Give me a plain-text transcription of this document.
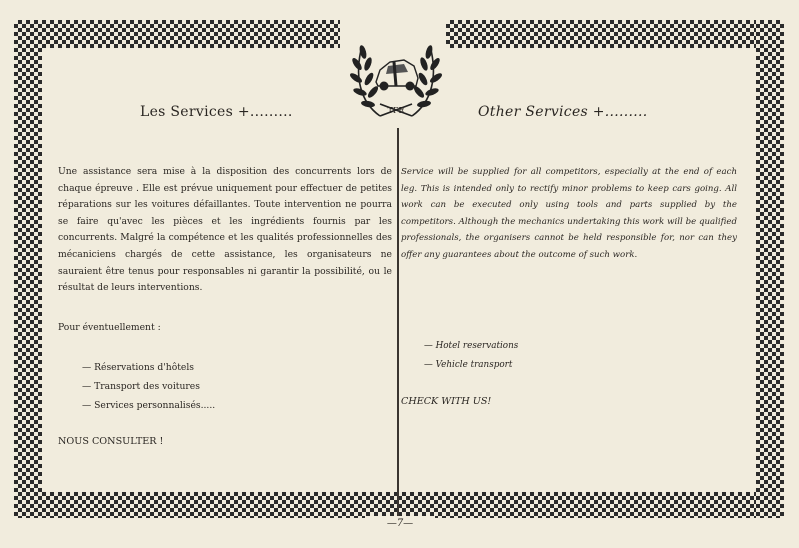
TFR
Les Services +.........	Other Services +.........
Une assistance sera mise à la disposition des concurrents lors de chaque épreuve . Elle est prévue uniquement pour effectuer de petites réparations sur les voitures défaillantes. Toute intervention ne pourra se faire qu'avec les pièces et les ingrédients fournis par les concurrents. Malgré la compétence et les qualités professionnelles des mécaniciens chargés de cette assistance, les organisateurs ne sauraient être tenus pour responsables ni garantir la possibilité, ou le résultat de leurs interventions.
Service will be supplied for all competitors, especially at the end of each leg. This is intended only to rectify minor problems to keep cars going. All work can be executed only using tools and parts supplied by the competitors. Although the mechanics undertaking this work will be qualified professionals, the organisers cannot be held responsible for, nor can they offer any guarantees about the outcome of such work.
Pour éventuellement :
— Réservations d'hôtels
— Transport des voitures
— Services personnalisés.....
— Hotel reservations
— Vehicle transport
NOUS CONSULTER !
CHECK WITH US!
—7—
